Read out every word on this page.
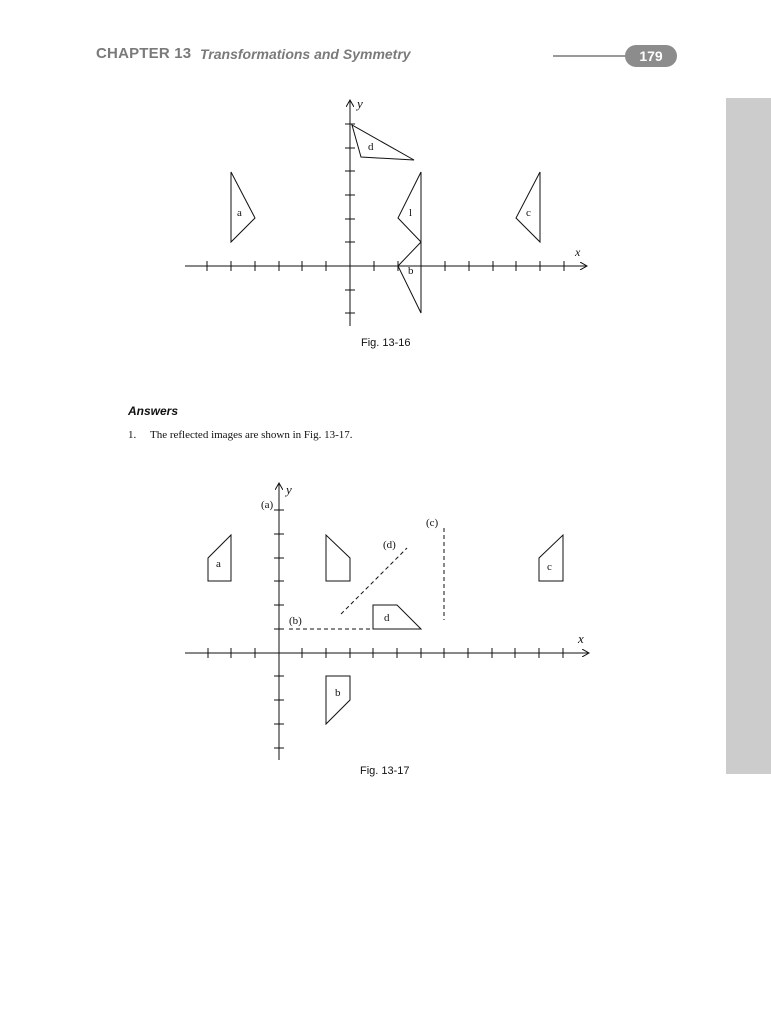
CHAPTER 13 Transformations and Symmetry	179
a	c
d
l
b
x
y
Fig. 13-16
Answers
1. The reflected images are shown in Fig. 13-17.
a	c
d
b
(a)
(b)
(c)
(d)
x
y
Fig. 13-17
